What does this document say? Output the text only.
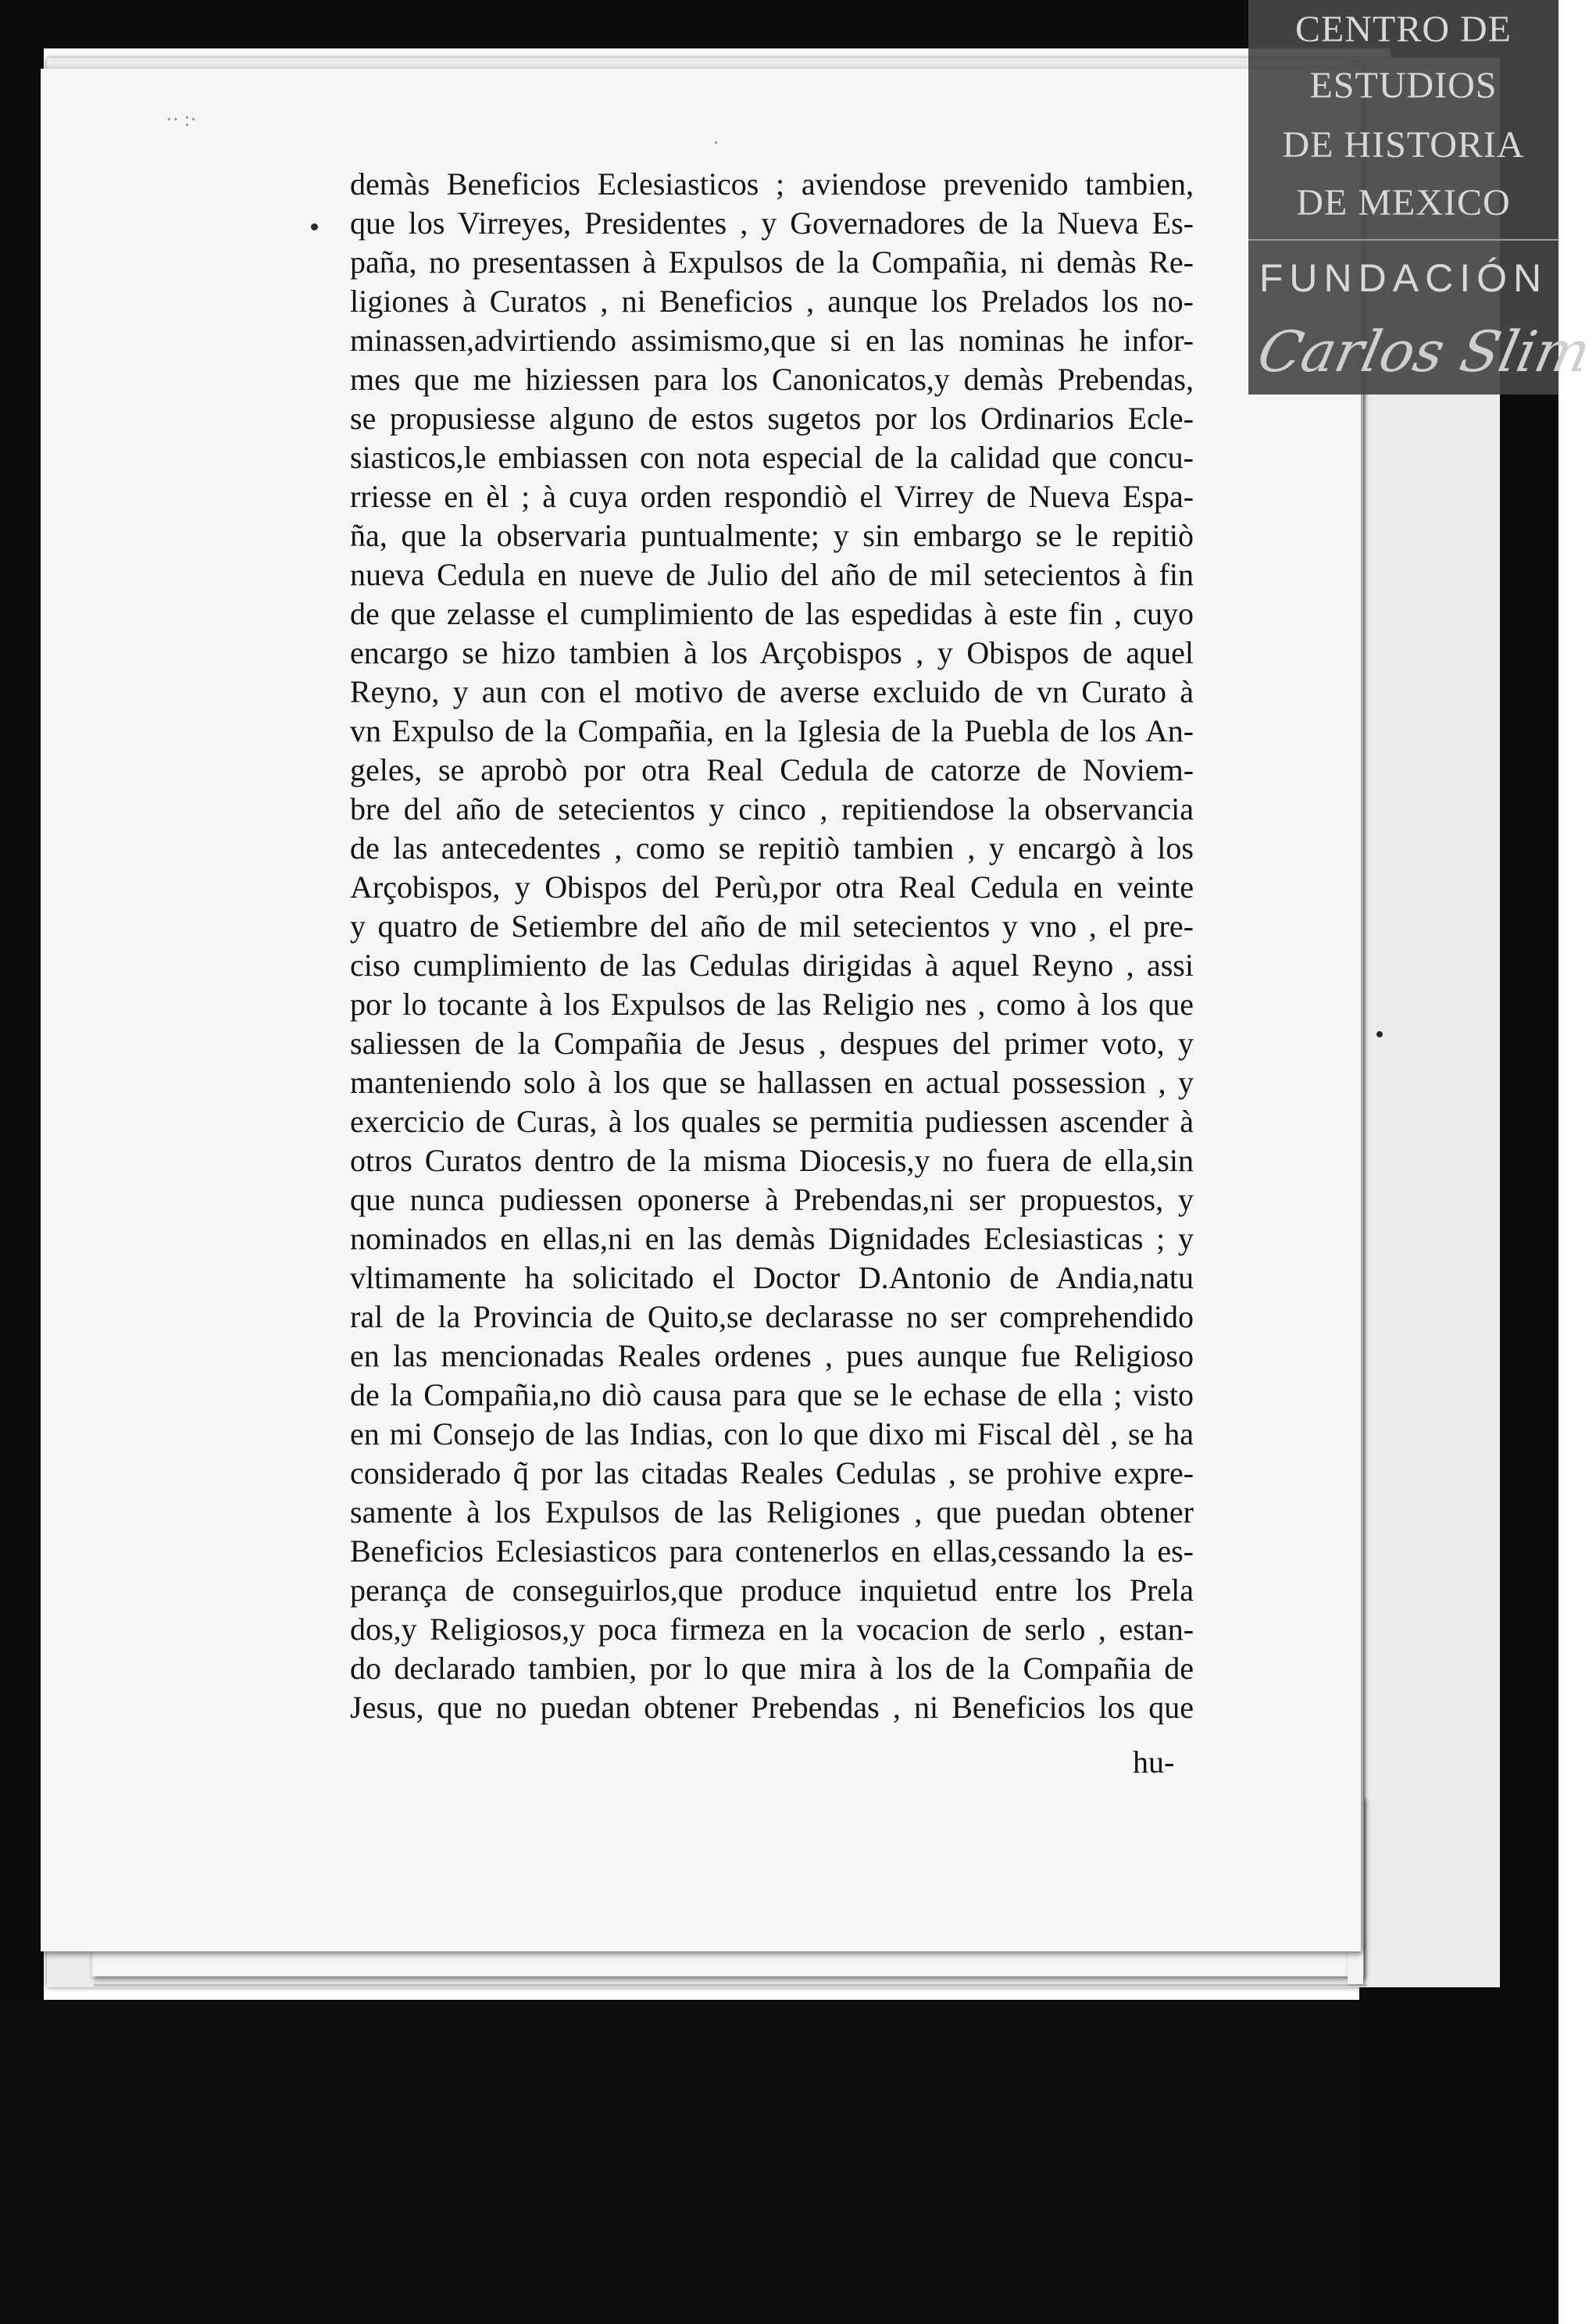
·· :·
·
demàs Beneficios Eclesiasticos ; aviendose prevenido tambien,
que los Virreyes, Presidentes , y Governadores de la Nueva Es-
paña, no presentassen à Expulsos de la Compañia, ni demàs Re-
ligiones à Curatos , ni Beneficios , aunque los Prelados los no-
minassen,advirtiendo assimismo,que si en las nominas he infor-
mes que me hiziessen para los Canonicatos,y demàs Prebendas,
se propusiesse alguno de estos sugetos por los Ordinarios Ecle-
siasticos,le embiassen con nota especial de la calidad que concu-
rriesse en èl ; à cuya orden respondiò el Virrey de Nueva Espa-
ña, que la observaria puntualmente; y sin embargo se le repitiò
nueva Cedula en nueve de Julio del año de mil setecientos à fin
de que zelasse el cumplimiento de las espedidas à este fin , cuyo
encargo se hizo tambien à los Arçobispos , y Obispos de aquel
Reyno, y aun con el motivo de averse excluido de vn Curato à
vn Expulso de la Compañia, en la Iglesia de la Puebla de los An-
geles, se aprobò por otra Real Cedula de catorze de Noviem-
bre del año de setecientos y cinco , repitiendose la observancia
de las antecedentes , como se repitiò tambien , y encargò à los
Arçobispos, y Obispos del Perù,por otra Real Cedula en veinte
y quatro de Setiembre del año de mil setecientos y vno , el pre-
ciso cumplimiento de las Cedulas dirigidas à aquel Reyno , assi
por lo tocante à los Expulsos de las Religio nes , como à los que
saliessen de la Compañia de Jesus , despues del primer voto, y
manteniendo solo à los que se hallassen en actual possession , y
exercicio de Curas, à los quales se permitia pudiessen ascender à
otros Curatos dentro de la misma Diocesis,y no fuera de ella,sin
que nunca pudiessen oponerse à Prebendas,ni ser propuestos, y
nominados en ellas,ni en las demàs Dignidades Eclesiasticas ; y
vltimamente ha solicitado el Doctor D.Antonio de Andia,natu
ral de la Provincia de Quito,se declarasse no ser comprehendido
en las mencionadas Reales ordenes , pues aunque fue Religioso
de la Compañia,no diò causa para que se le echase de ella ; visto
en mi Consejo de las Indias, con lo que dixo mi Fiscal dèl , se ha
considerado q̃ por las citadas Reales Cedulas , se prohive expre-
samente à los Expulsos de las Religiones , que puedan obtener
Beneficios Eclesiasticos para contenerlos en ellas,cessando la es-
perança de conseguirlos,que produce inquietud entre los Prela
dos,y Religiosos,y poca firmeza en la vocacion de serlo , estan-
do declarado tambien, por lo que mira à los de la Compañia de
Jesus, que no puedan obtener Prebendas , ni Beneficios los que
hu-
CENTRO DE
ESTUDIOS
DE HISTORIA
DE MEXICO
FUNDACIÓN
Carlos Slim
